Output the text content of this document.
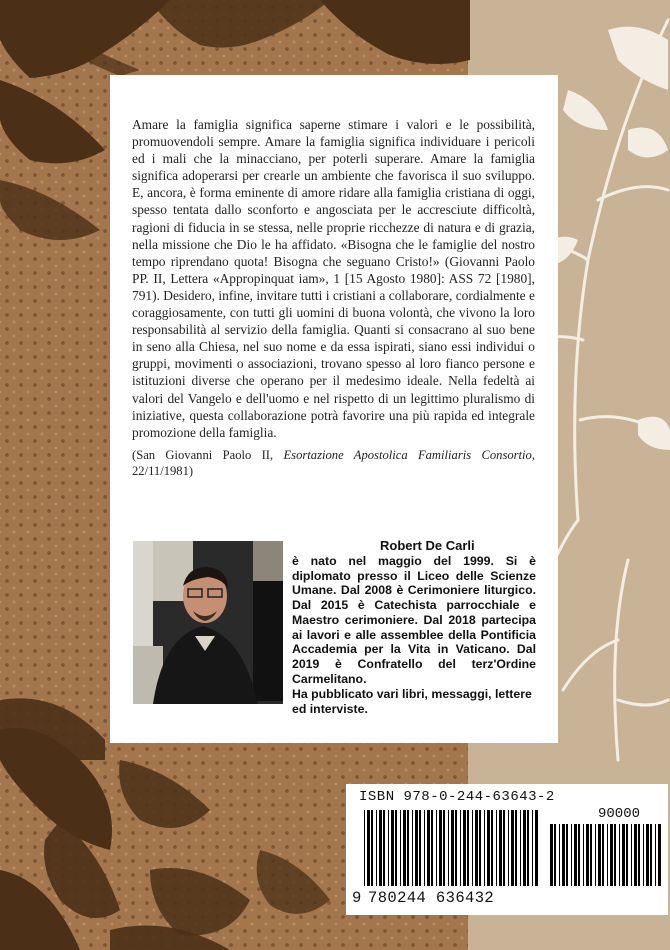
Amare la famiglia significa saperne stimare i valori e le possibilità, promuovendoli sempre. Amare la famiglia significa individuare i pericoli ed i mali che la minacciano, per poterli superare. Amare la famiglia significa adoperarsi per crearle un ambiente che favorisca il suo sviluppo. E, ancora, è forma eminente di amore ridare alla famiglia cristiana di oggi, spesso tentata dallo sconforto e angosciata per le accresciute difficoltà, ragioni di fiducia in se stessa, nelle proprie ricchezze di natura e di grazia, nella missione che Dio le ha affidato. «Bisogna che le famiglie del nostro tempo riprendano quota! Bisogna che seguano Cristo!» (Giovanni Paolo PP. II, Lettera «Appropinquat iam», 1 [15 Agosto 1980]: ASS 72 [1980], 791). Desidero, infine, invitare tutti i cristiani a collaborare, cordialmente e coraggiosamente, con tutti gli uomini di buona volontà, che vivono la loro responsabilità al servizio della famiglia. Quanti si consacrano al suo bene in seno alla Chiesa, nel suo nome e da essa ispirati, siano essi individui o gruppi, movimenti o associazioni, trovano spesso al loro fianco persone e istituzioni diverse che operano per il medesimo ideale. Nella fedeltà ai valori del Vangelo e dell'uomo e nel rispetto di un legittimo pluralismo di iniziative, questa collaborazione potrà favorire una più rapida ed integrale promozione della famiglia.

(San Giovanni Paolo II, Esortazione Apostolica Familiaris Consortio, 22/11/1981)
Robert De Carli

è nato nel maggio del 1999. Si è diplomato presso il Liceo delle Scienze Umane. Dal 2008 è Cerimoniere liturgico. Dal 2015 è Catechista parrocchiale e Maestro cerimoniere. Dal 2018 partecipa ai lavori e alle assemblee della Pontificia Accademia per la Vita in Vaticano. Dal 2019 è Confratello del terz'Ordine Carmelitano.

Ha pubblicato vari libri, messaggi, lettere ed interviste.
ISBN 978-0-244-63643-2
90000
9 780244 636432
